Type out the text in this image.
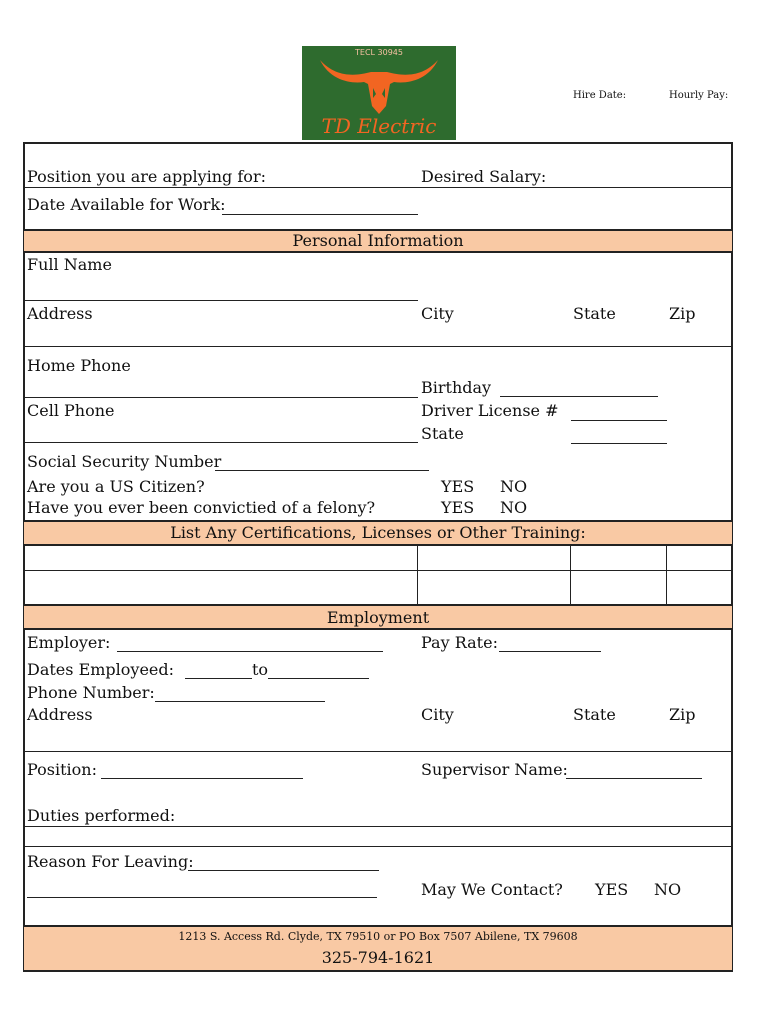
TECL 30945
TD Electric
Hire Date:	Hourly Pay:
Position you are applying for:	Desired Salary:
Date Available for Work:
Personal Information
Full Name
Address	City	State	Zip
Home Phone
Birthday
Cell Phone	Driver License #
State
Social Security Number
Are you a US Citizen?	YES NO
Have you ever been convictied of a felony?	YES NO
List Any Certifications, Licenses or Other Training:
Employment
Employer:	Pay Rate:
Dates Employeed:	to
Phone Number:
Address	City	State	Zip
Position:	Supervisor Name:
Duties performed:
Reason For Leaving:
May We Contact? YES NO
1213 S. Access Rd. Clyde, TX 79510 or PO Box 7507 Abilene, TX 79608
325-794-1621
